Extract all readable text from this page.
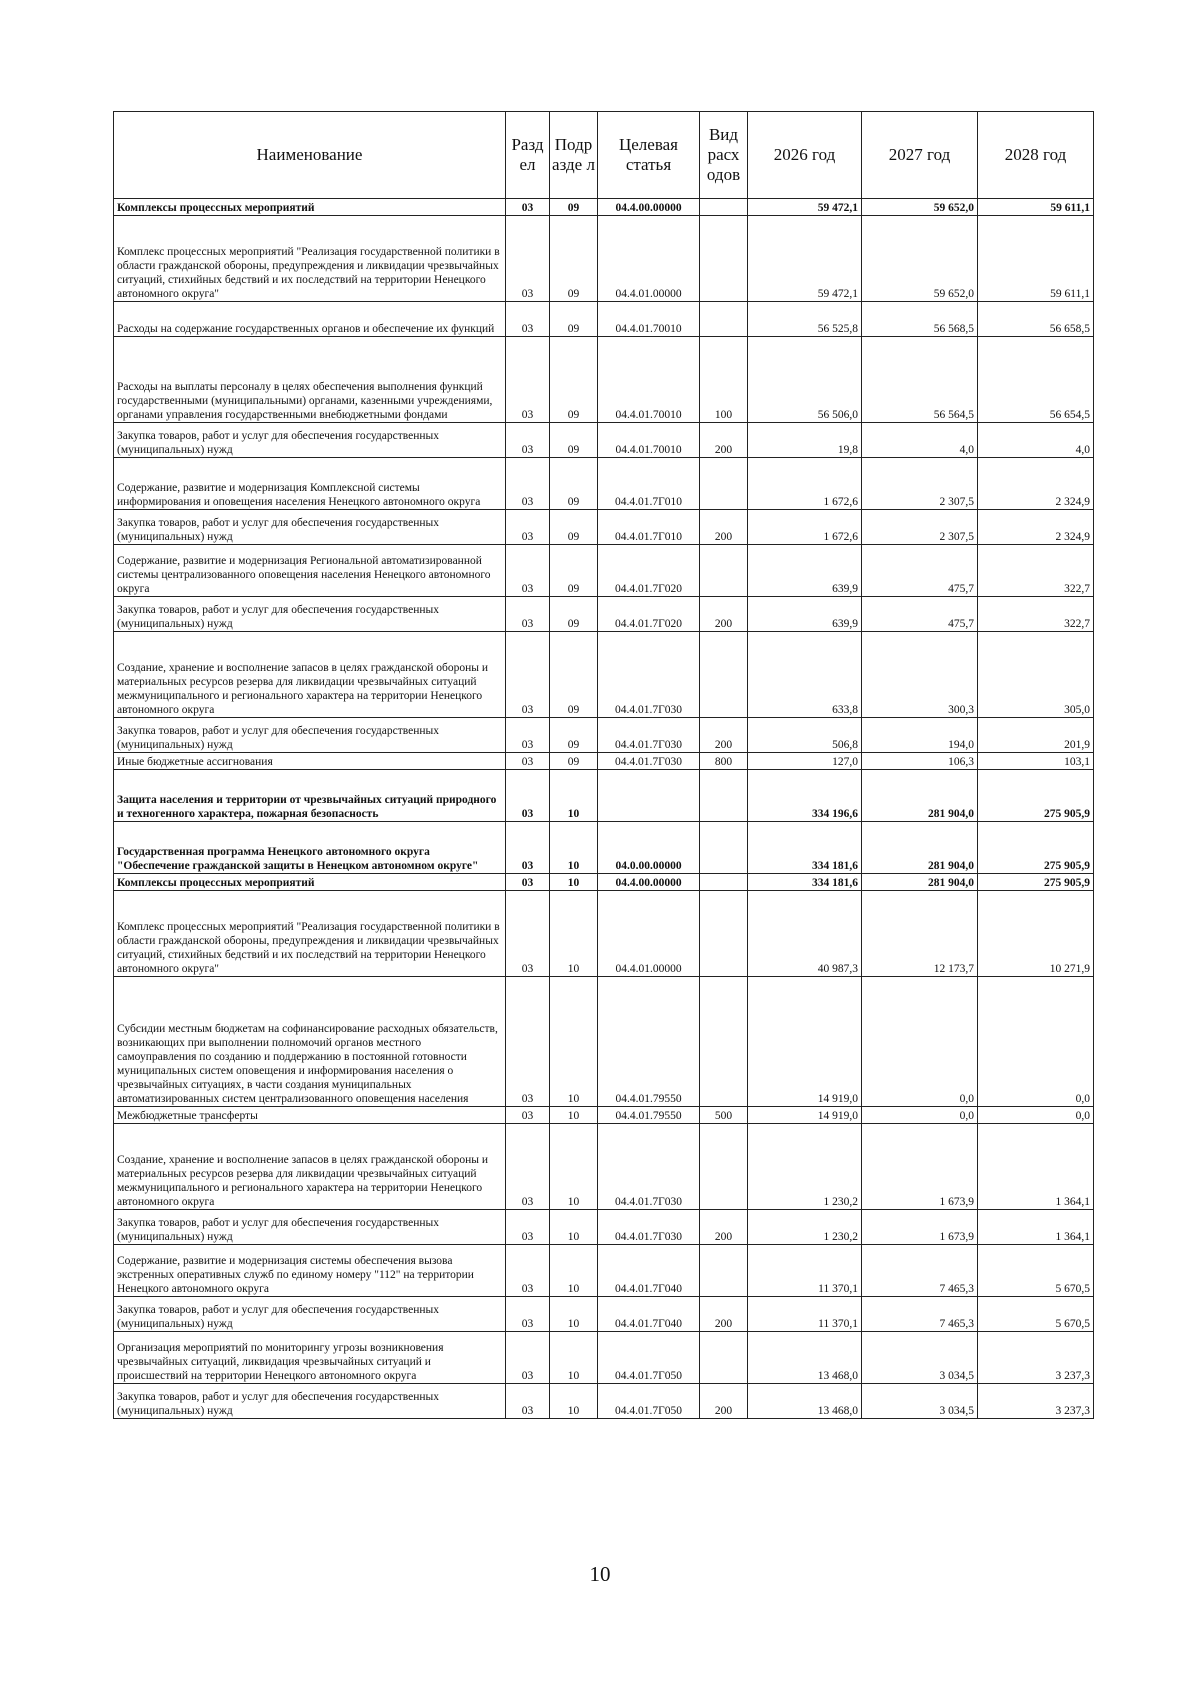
Наименование	Разд ел	Подр азде л	Целевая статья	Вид расх одов	2026 год	2027 год	2028 год
Комплексы процессных мероприятий	03	09	04.4.00.00000		59 472,1	59 652,0	59 611,1
Комплекс процессных мероприятий "Реализация государственной политики в области гражданской обороны, предупреждения и ликвидации чрезвычайных ситуаций, стихийных бедствий и их последствий на территории Ненецкого автономного округа"	03	09	04.4.01.00000		59 472,1	59 652,0	59 611,1
Расходы на содержание государственных органов и обеспечение их функций	03	09	04.4.01.70010		56 525,8	56 568,5	56 658,5
Расходы на выплаты персоналу в целях обеспечения выполнения функций государственными (муниципальными) органами, казенными учреждениями, органами управления государственными внебюджетными фондами	03	09	04.4.01.70010	100	56 506,0	56 564,5	56 654,5
Закупка товаров, работ и услуг для обеспечения государственных (муниципальных) нужд	03	09	04.4.01.70010	200	19,8	4,0	4,0
Содержание, развитие и модернизация Комплексной системы информирования и оповещения населения Ненецкого автономного округа	03	09	04.4.01.7Г010		1 672,6	2 307,5	2 324,9
Закупка товаров, работ и услуг для обеспечения государственных (муниципальных) нужд	03	09	04.4.01.7Г010	200	1 672,6	2 307,5	2 324,9
Содержание, развитие и модернизация Региональной автоматизированной системы централизованного оповещения населения Ненецкого автономного округа	03	09	04.4.01.7Г020		639,9	475,7	322,7
Закупка товаров, работ и услуг для обеспечения государственных (муниципальных) нужд	03	09	04.4.01.7Г020	200	639,9	475,7	322,7
Создание, хранение и восполнение запасов в целях гражданской обороны и материальных ресурсов резерва для ликвидации чрезвычайных ситуаций межмуниципального и регионального характера на территории Ненецкого автономного округа	03	09	04.4.01.7Г030		633,8	300,3	305,0
Закупка товаров, работ и услуг для обеспечения государственных (муниципальных) нужд	03	09	04.4.01.7Г030	200	506,8	194,0	201,9
Иные бюджетные ассигнования	03	09	04.4.01.7Г030	800	127,0	106,3	103,1
Защита населения и территории от чрезвычайных ситуаций природного и техногенного характера, пожарная безопасность	03	10			334 196,6	281 904,0	275 905,9
Государственная программа Ненецкого автономного округа "Обеспечение гражданской защиты в Ненецком автономном округе"	03	10	04.0.00.00000		334 181,6	281 904,0	275 905,9
Комплексы процессных мероприятий	03	10	04.4.00.00000		334 181,6	281 904,0	275 905,9
Комплекс процессных мероприятий "Реализация государственной политики в области гражданской обороны, предупреждения и ликвидации чрезвычайных ситуаций, стихийных бедствий и их последствий на территории Ненецкого автономного округа"	03	10	04.4.01.00000		40 987,3	12 173,7	10 271,9
Субсидии местным бюджетам на софинансирование расходных обязательств, возникающих при выполнении полномочий органов местного самоуправления по созданию и поддержанию в постоянной готовности муниципальных систем оповещения и информирования населения о чрезвычайных ситуациях, в части создания муниципальных автоматизированных систем централизованного оповещения населения	03	10	04.4.01.79550		14 919,0	0,0	0,0
Межбюджетные трансферты	03	10	04.4.01.79550	500	14 919,0	0,0	0,0
Создание, хранение и восполнение запасов в целях гражданской обороны и материальных ресурсов резерва для ликвидации чрезвычайных ситуаций межмуниципального и регионального характера на территории Ненецкого автономного округа	03	10	04.4.01.7Г030		1 230,2	1 673,9	1 364,1
Закупка товаров, работ и услуг для обеспечения государственных (муниципальных) нужд	03	10	04.4.01.7Г030	200	1 230,2	1 673,9	1 364,1
Содержание, развитие и модернизация системы обеспечения вызова экстренных оперативных служб по единому номеру "112" на территории Ненецкого автономного округа	03	10	04.4.01.7Г040		11 370,1	7 465,3	5 670,5
Закупка товаров, работ и услуг для обеспечения государственных (муниципальных) нужд	03	10	04.4.01.7Г040	200	11 370,1	7 465,3	5 670,5
Организация мероприятий по мониторингу угрозы возникновения чрезвычайных ситуаций, ликвидация чрезвычайных ситуаций и происшествий на территории Ненецкого автономного округа	03	10	04.4.01.7Г050		13 468,0	3 034,5	3 237,3
Закупка товаров, работ и услуг для обеспечения государственных (муниципальных) нужд	03	10	04.4.01.7Г050	200	13 468,0	3 034,5	3 237,3
10
